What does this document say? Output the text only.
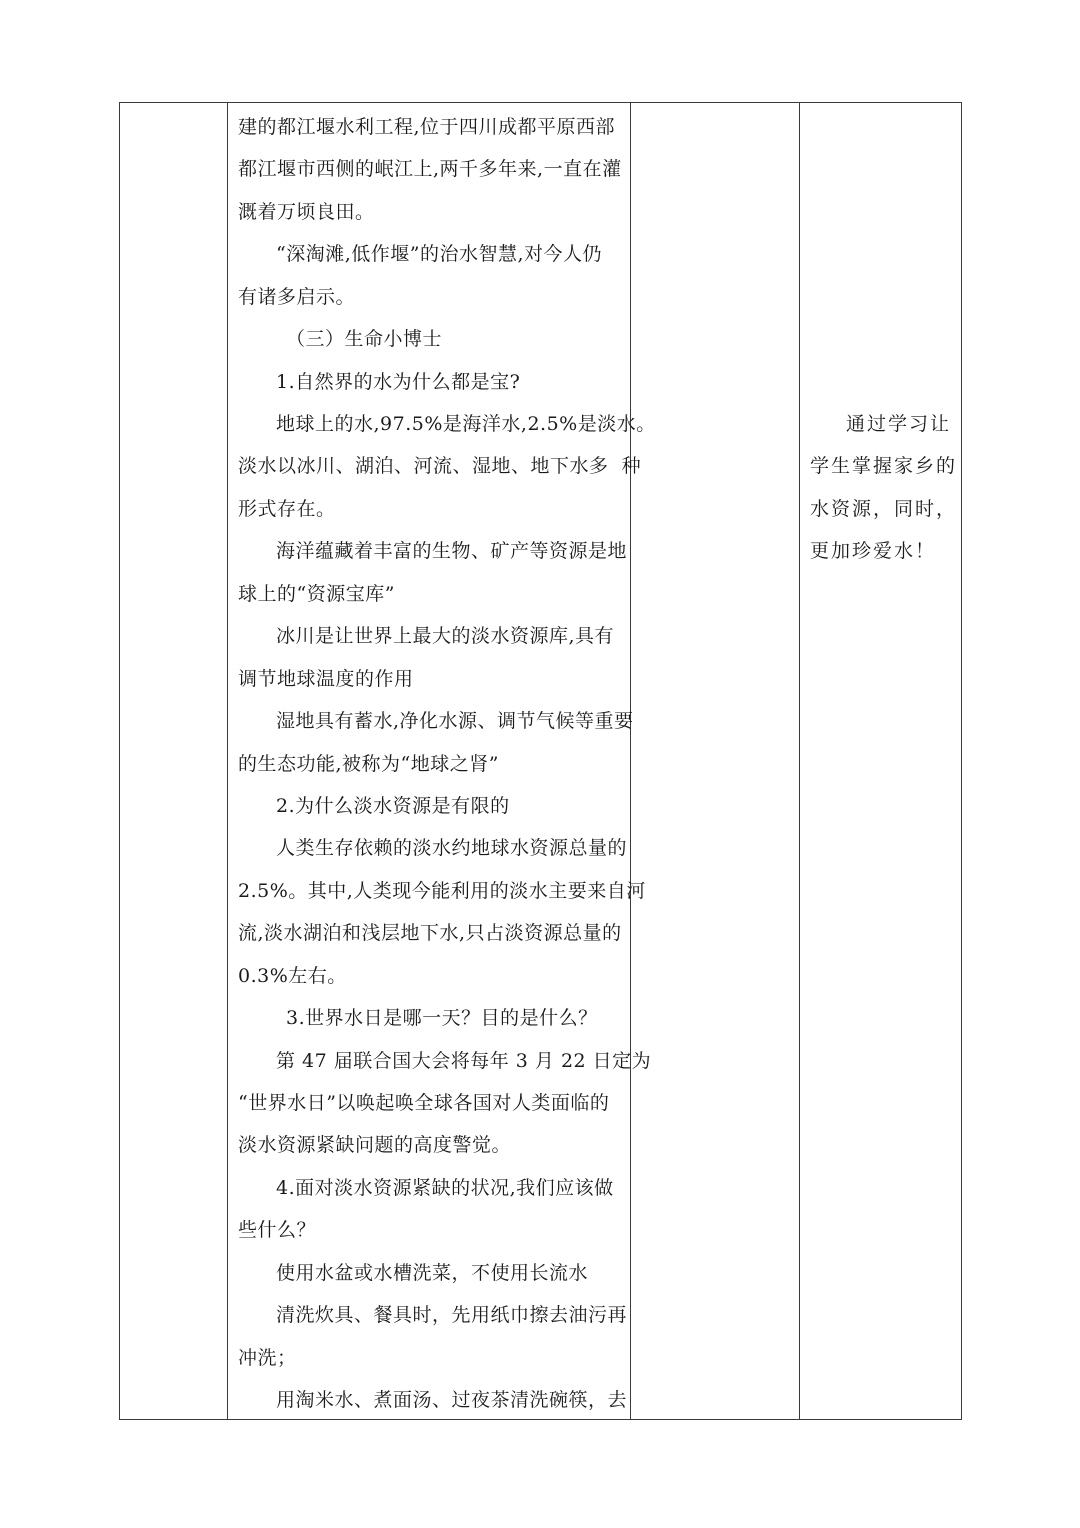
建的都江堰水利工程,位于四川成都平原西部
都江堰市西侧的岷江上,两千多年来,一直在灌
溉着万顷良田。
“深淘滩,低作堰”的治水智慧,对今人仍
有诸多启示。
（三）生命小博士
1.自然界的水为什么都是宝?
地球上的水,97.5%是海洋水,2.5%是淡水。
淡水以冰川、湖泊、河流、湿地、地下水多  种
形式存在。
海洋蕴藏着丰富的生物、矿产等资源是地
球上的“资源宝库”
冰川是让世界上最大的淡水资源库,具有
调节地球温度的作用
湿地具有蓄水,净化水源、调节气候等重要
的生态功能,被称为“地球之肾”
2.为什么淡水资源是有限的
人类生存依赖的淡水约地球水资源总量的
2.5%。其中,人类现今能利用的淡水主要来自河
流,淡水湖泊和浅层地下水,只占淡资源总量的
0.3%左右。
3.世界水日是哪一天？目的是什么？
第 47 届联合国大会将每年 3 月 22 日定为
“世界水日”以唤起唤全球各国对人类面临的
淡水资源紧缺问题的高度警觉。
4.面对淡水资源紧缺的状况,我们应该做
些什么？
使用水盆或水槽洗菜，不使用长流水
清洗炊具、餐具时，先用纸巾擦去油污再
冲洗；
用淘米水、煮面汤、过夜茶清洗碗筷，去
通过学习让
学生掌握家乡的
水资源，同时，
更加珍爱水！
